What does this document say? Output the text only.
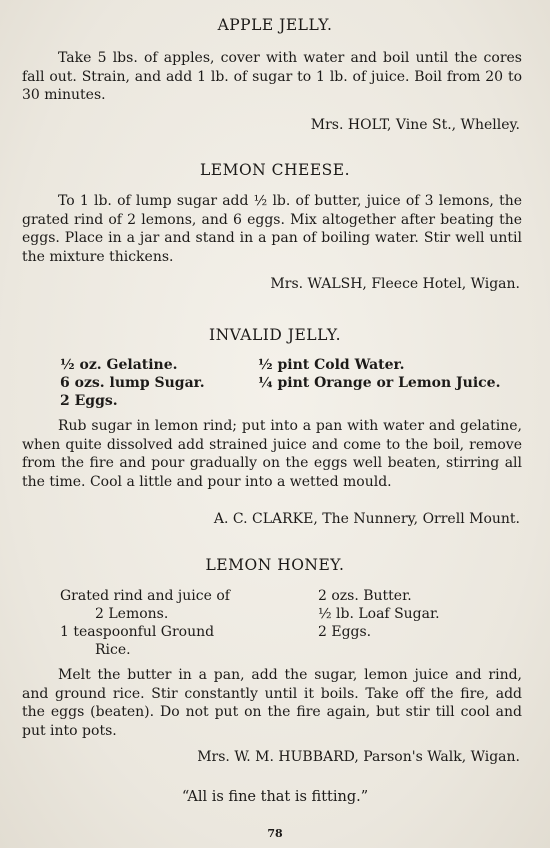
APPLE JELLY.

Take 5 lbs. of apples, cover with water and boil until the cores fall out. Strain, and add 1 lb. of sugar to 1 lb. of juice. Boil from 20 to 30 minutes.

Mrs. HOLT, Vine St., Whelley.

LEMON CHEESE.

To 1 lb. of lump sugar add ½ lb. of butter, juice of 3 lemons, the grated rind of 2 lemons, and 6 eggs. Mix altogether after beating the eggs. Place in a jar and stand in a pan of boiling water. Stir well until the mixture thickens.

Mrs. WALSH, Fleece Hotel, Wigan.

INVALID JELLY.

½ oz. Gelatine.

6 ozs. lump Sugar.

2 Eggs.

½ pint Cold Water.

¼ pint Orange or Lemon Juice.

Rub sugar in lemon rind; put into a pan with water and gelatine, when quite dissolved add strained juice and come to the boil, remove from the fire and pour gradually on the eggs well beaten, stirring all the time. Cool a little and pour into a wetted mould.

A. C. CLARKE, The Nunnery, Orrell Mount.

LEMON HONEY.

Grated rind and juice of

2 Lemons.

1 teaspoonful Ground

Rice.

2 ozs. Butter.

½ lb. Loaf Sugar.

2 Eggs.

Melt the butter in a pan, add the sugar, lemon juice and rind, and ground rice. Stir constantly until it boils. Take off the fire, add the eggs (beaten). Do not put on the fire again, but stir till cool and put into pots.

Mrs. W. M. HUBBARD, Parson's Walk, Wigan.

“All is fine that is fitting.”

78
